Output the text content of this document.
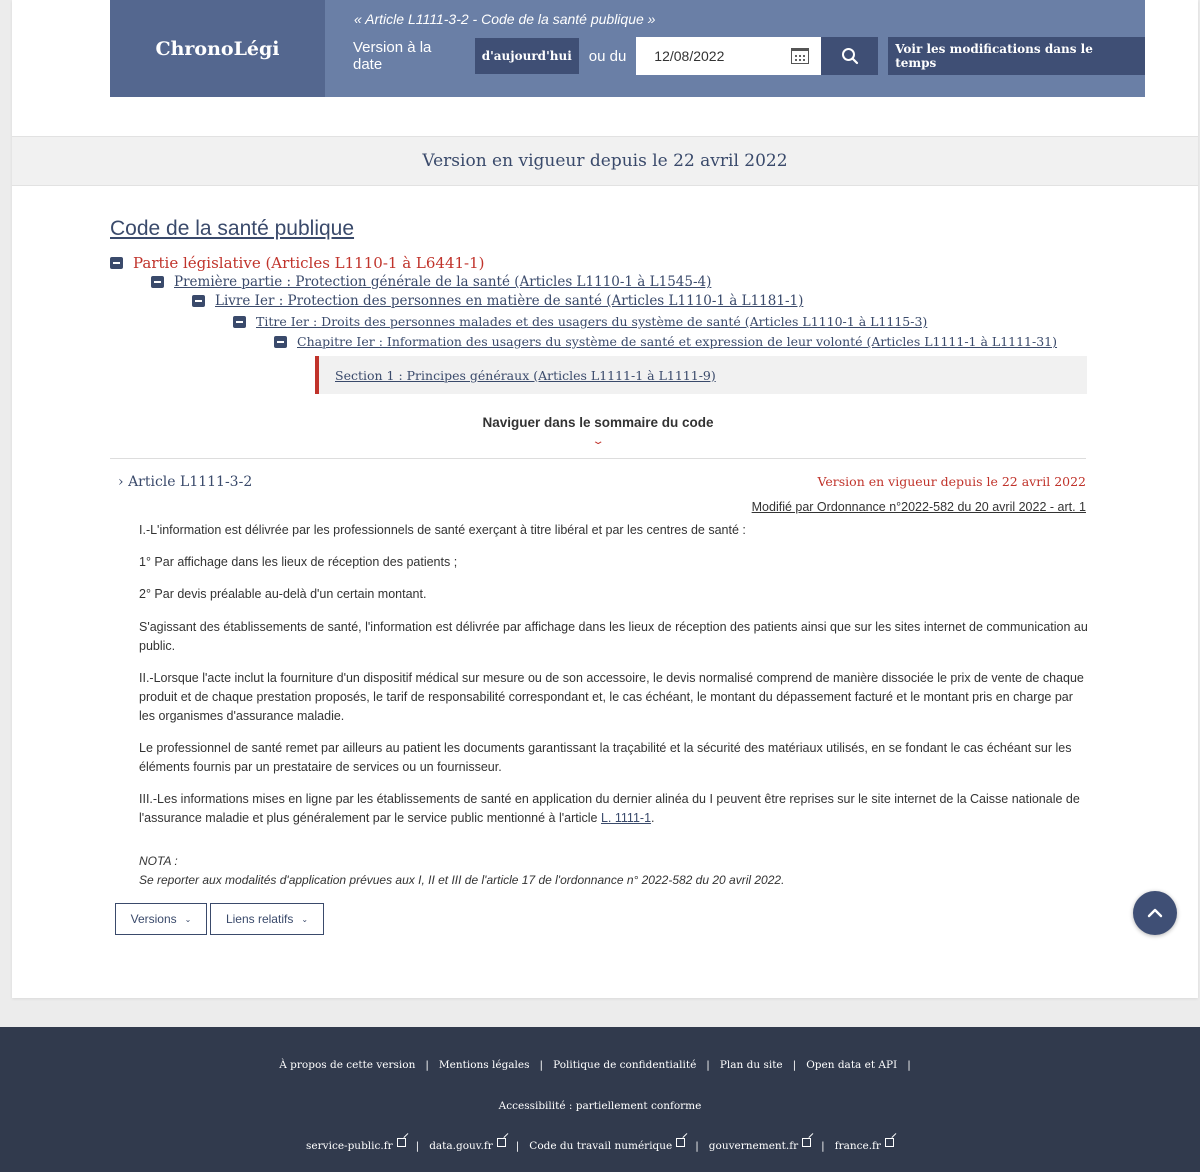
ChronoLégi
« Article L1111-3-2 - Code de la santé publique »
Version à la date	d'aujourd'hui	ou du 12/08/2022	Voir les modifications dans le temps
Version en vigueur depuis le 22 avril 2022
Code de la santé publique
Partie législative (Articles L1110-1 à L6441-1)
Première partie : Protection générale de la santé (Articles L1110-1 à L1545-4)
Livre Ier : Protection des personnes en matière de santé (Articles L1110-1 à L1181-1)
Titre Ier : Droits des personnes malades et des usagers du système de santé (Articles L1110-1 à L1115-3)
Chapitre Ier : Information des usagers du système de santé et expression de leur volonté (Articles L1111-1 à L1111-31)
Section 1 : Principes généraux (Articles L1111-1 à L1111-9)
Naviguer dans le sommaire du code
⌄
› Article L1111-3-2	Version en vigueur depuis le 22 avril 2022
Modifié par Ordonnance n°2022-582 du 20 avril 2022 - art. 1
I.-L'information est délivrée par les professionnels de santé exerçant à titre libéral et par les centres de santé :
1° Par affichage dans les lieux de réception des patients ;
2° Par devis préalable au-delà d'un certain montant.
S'agissant des établissements de santé, l'information est délivrée par affichage dans les lieux de réception des patients ainsi que sur les sites internet de communication au public.
II.-Lorsque l'acte inclut la fourniture d'un dispositif médical sur mesure ou de son accessoire, le devis normalisé comprend de manière dissociée le prix de vente de chaque produit et de chaque prestation proposés, le tarif de responsabilité correspondant et, le cas échéant, le montant du dépassement facturé et le montant pris en charge par les organismes d'assurance maladie.
Le professionnel de santé remet par ailleurs au patient les documents garantissant la traçabilité et la sécurité des matériaux utilisés, en se fondant le cas échéant sur les éléments fournis par un prestataire de services ou un fournisseur.
III.-Les informations mises en ligne par les établissements de santé en application du dernier alinéa du I peuvent être reprises sur le site internet de la Caisse nationale de l'assurance maladie et plus généralement par le service public mentionné à l'article L. 1111-1.
NOTA :
Se reporter aux modalités d'application prévues aux I, II et III de l'article 17 de l'ordonnance n° 2022-582 du 20 avril 2022.
Versions ⌄	Liens relatifs ⌄
À propos de cette version | Mentions légales | Politique de confidentialité | Plan du site | Open data et API |
Accessibilité : partiellement conforme
service-public.fr	| data.gouv.fr	| Code du travail numérique	| gouvernement.fr	| france.fr
